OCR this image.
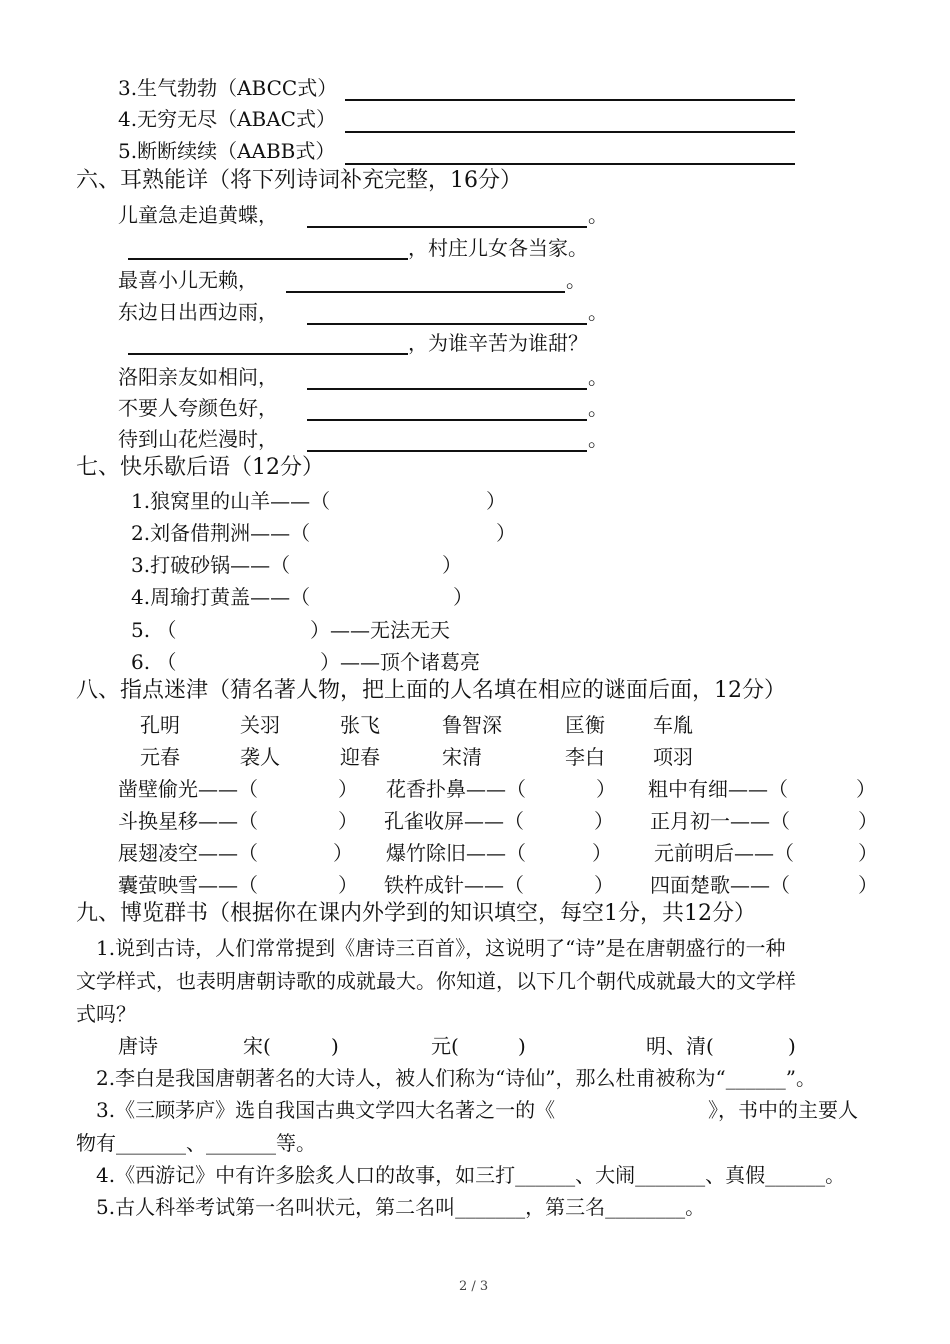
3.生气勃勃（ABCC式）
4.无穷无尽（ABAC式）
5.断断续续（AABB式）
六、耳熟能详（将下列诗词补充完整，16分）
儿童急走追黄蝶，	。
，村庄儿女各当家。
最喜小儿无赖，	。
东边日出西边雨，	。
，为谁辛苦为谁甜？
洛阳亲友如相问，	。
不要人夸颜色好，	。
待到山花烂漫时，	。
七、快乐歇后语（12分）
1.狼窝里的山羊——（	）
2.刘备借荆洲——（	）
3.打破砂锅——（	）
4.周瑜打黄盖——（	）
5. （	）——无法无天
6. （	）——顶个诸葛亮
八、指点迷津（猜名著人物，把上面的人名填在相应的谜面后面，12分）
孔明	关羽	张飞	鲁智深	匡衡 车胤
元春	袭人	迎春	宋清	李白 项羽
凿壁偷光——（	） 花香扑鼻——（	） 粗中有细——（	）
斗换星移——（	） 孔雀收屏——（	） 正月初一——（	）
展翅凌空——（	） 爆竹除旧——（	） 元前明后——（	）
囊萤映雪——（	） 铁杵成针——（	） 四面楚歌——（	）
九、博览群书（根据你在课内外学到的知识填空，每空1分，共12分）
1.说到古诗，人们常常提到《唐诗三百首》，这说明了“诗”是在唐朝盛行的一种
文学样式，也表明唐朝诗歌的成就最大。你知道，以下几个朝代成就最大的文学样
式吗？
唐诗	宋(	)	元(	)	明、清(	)
2.李白是我国唐朝著名的大诗人，被人们称为“诗仙”，那么杜甫被称为“______”。
3.《三顾茅庐》选自我国古典文学四大名著之一的《	》，书中的主要人
物有_______、_______等。
4.《西游记》中有许多脍炙人口的故事，如三打______、大闹_______、真假______。
5.古人科举考试第一名叫状元，第二名叫_______，第三名________。
2 / 3
